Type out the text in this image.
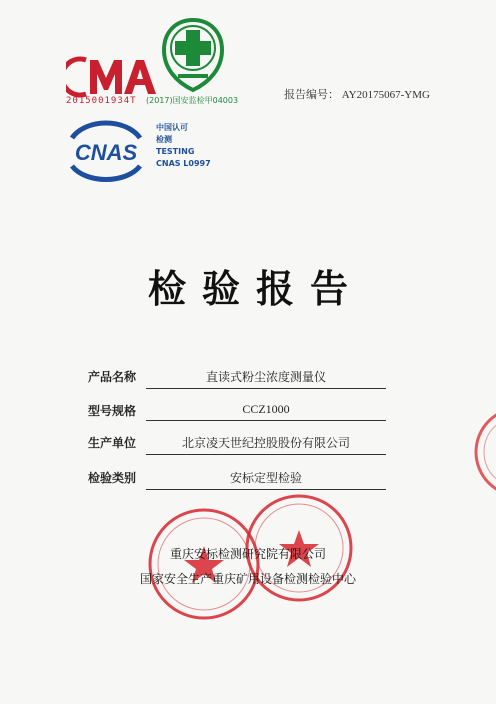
2015001934T	(2017)国安监检甲04003
CNAS
中国认可
检测
TESTING
CNAS L0997
报告编号： AY20175067-YMG
检验报告
产品名称	直读式粉尘浓度测量仪
型号规格	CCZ1000
生产单位	北京凌天世纪控股股份有限公司
检验类别	安标定型检验
重庆安标检测研究院有限公司
国家安全生产重庆矿用设备检测检验中心
